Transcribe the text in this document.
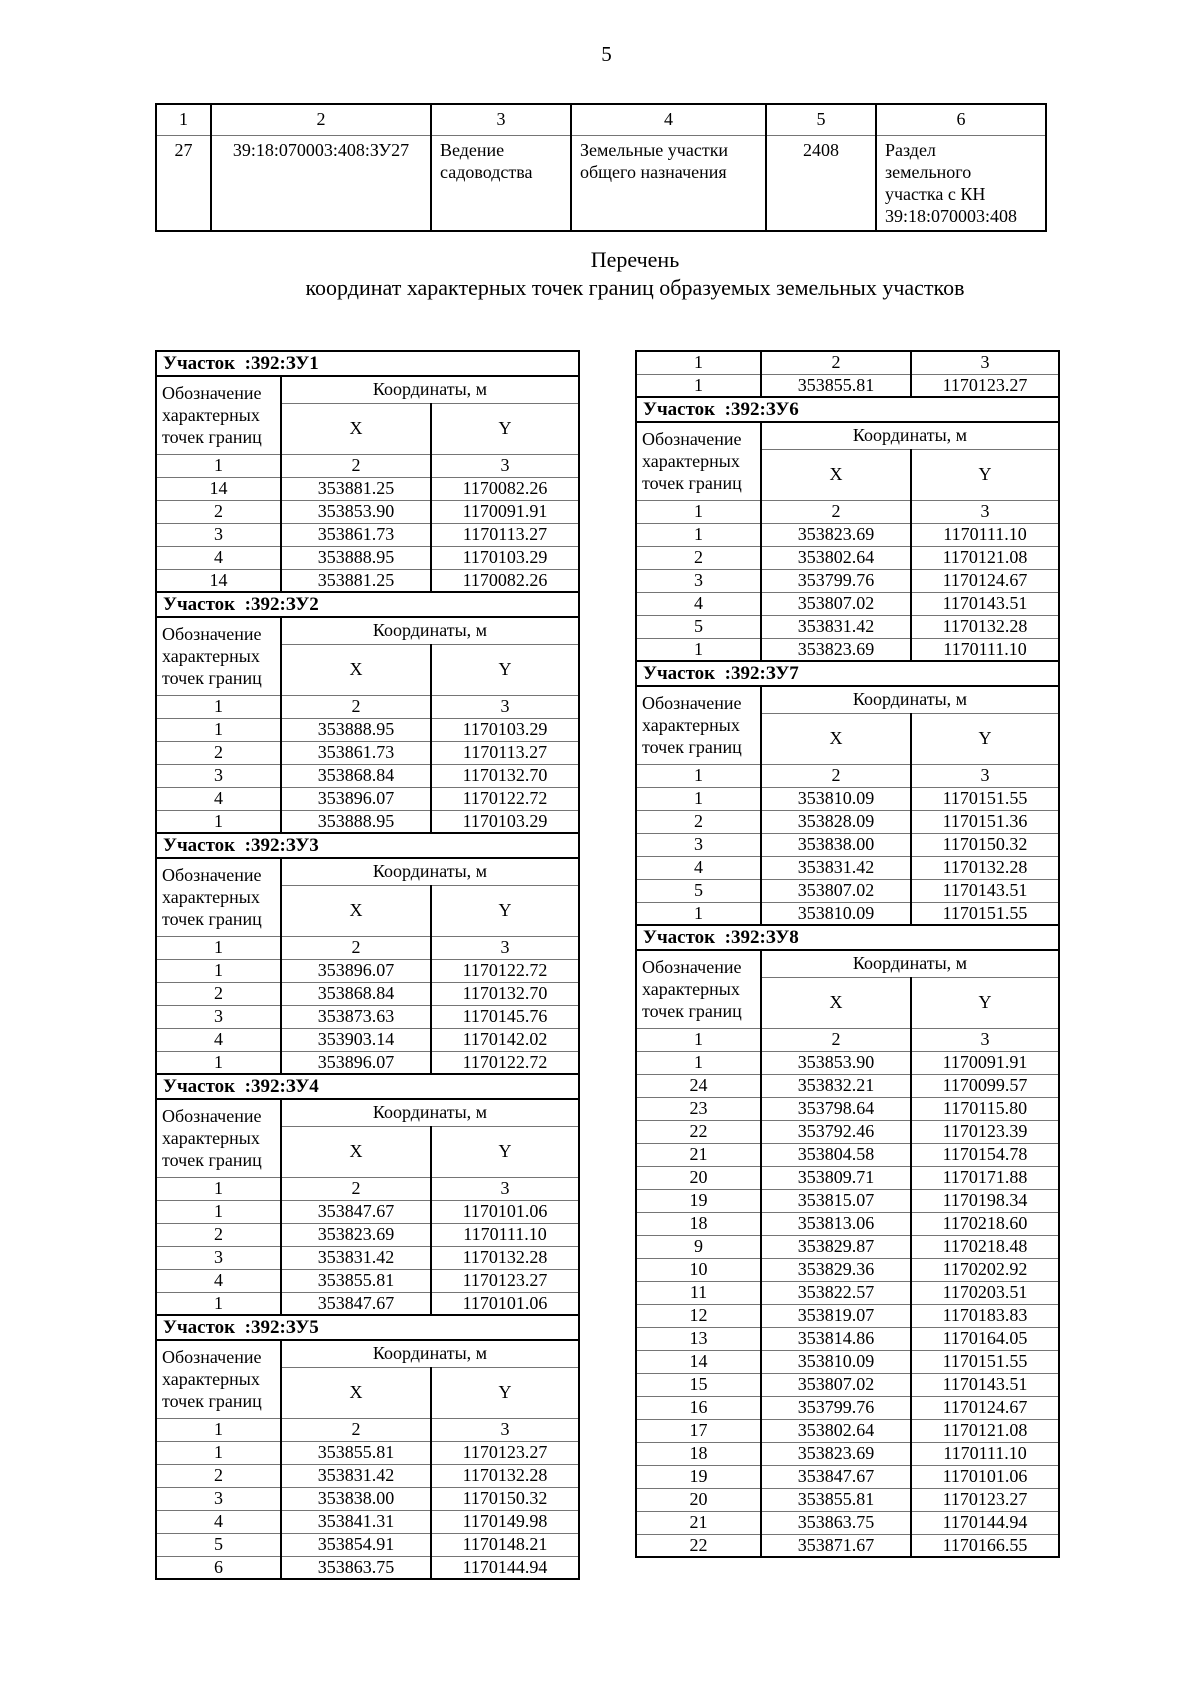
5
1	2	3	4	5	6
27	39:18:070003:408:ЗУ27	Ведение садоводства	Земельные участки общего назначения	2408	Раздел земельного участка с КН 39:18:070003:408
Перечень
координат характерных точек границ образуемых земельных участков
Участок  :392:ЗУ1		
Обозначение характерных точек границ	Координаты, м	
	X	Y
1	2	3
14	353881.25	1170082.26
2	353853.90	1170091.91
3	353861.73	1170113.27
4	353888.95	1170103.29
14	353881.25	1170082.26
Участок  :392:ЗУ2		
Обозначение характерных точек границ	Координаты, м	
	X	Y
1	2	3
1	353888.95	1170103.29
2	353861.73	1170113.27
3	353868.84	1170132.70
4	353896.07	1170122.72
1	353888.95	1170103.29
Участок  :392:ЗУ3		
Обозначение характерных точек границ	Координаты, м	
	X	Y
1	2	3
1	353896.07	1170122.72
2	353868.84	1170132.70
3	353873.63	1170145.76
4	353903.14	1170142.02
1	353896.07	1170122.72
Участок  :392:ЗУ4		
Обозначение характерных точек границ	Координаты, м	
	X	Y
1	2	3
1	353847.67	1170101.06
2	353823.69	1170111.10
3	353831.42	1170132.28
4	353855.81	1170123.27
1	353847.67	1170101.06
Участок  :392:ЗУ5		
Обозначение характерных точек границ	Координаты, м	
	X	Y
1	2	3
1	353855.81	1170123.27
2	353831.42	1170132.28
3	353838.00	1170150.32
4	353841.31	1170149.98
5	353854.91	1170148.21
6	353863.75	1170144.94
1	2	3
1	353855.81	1170123.27
Участок  :392:ЗУ6		
Обозначение характерных точек границ	Координаты, м	
	X	Y
1	2	3
1	353823.69	1170111.10
2	353802.64	1170121.08
3	353799.76	1170124.67
4	353807.02	1170143.51
5	353831.42	1170132.28
1	353823.69	1170111.10
Участок  :392:ЗУ7		
Обозначение характерных точек границ	Координаты, м	
	X	Y
1	2	3
1	353810.09	1170151.55
2	353828.09	1170151.36
3	353838.00	1170150.32
4	353831.42	1170132.28
5	353807.02	1170143.51
1	353810.09	1170151.55
Участок  :392:ЗУ8		
Обозначение характерных точек границ	Координаты, м	
	X	Y
1	2	3
1	353853.90	1170091.91
24	353832.21	1170099.57
23	353798.64	1170115.80
22	353792.46	1170123.39
21	353804.58	1170154.78
20	353809.71	1170171.88
19	353815.07	1170198.34
18	353813.06	1170218.60
9	353829.87	1170218.48
10	353829.36	1170202.92
11	353822.57	1170203.51
12	353819.07	1170183.83
13	353814.86	1170164.05
14	353810.09	1170151.55
15	353807.02	1170143.51
16	353799.76	1170124.67
17	353802.64	1170121.08
18	353823.69	1170111.10
19	353847.67	1170101.06
20	353855.81	1170123.27
21	353863.75	1170144.94
22	353871.67	1170166.55
